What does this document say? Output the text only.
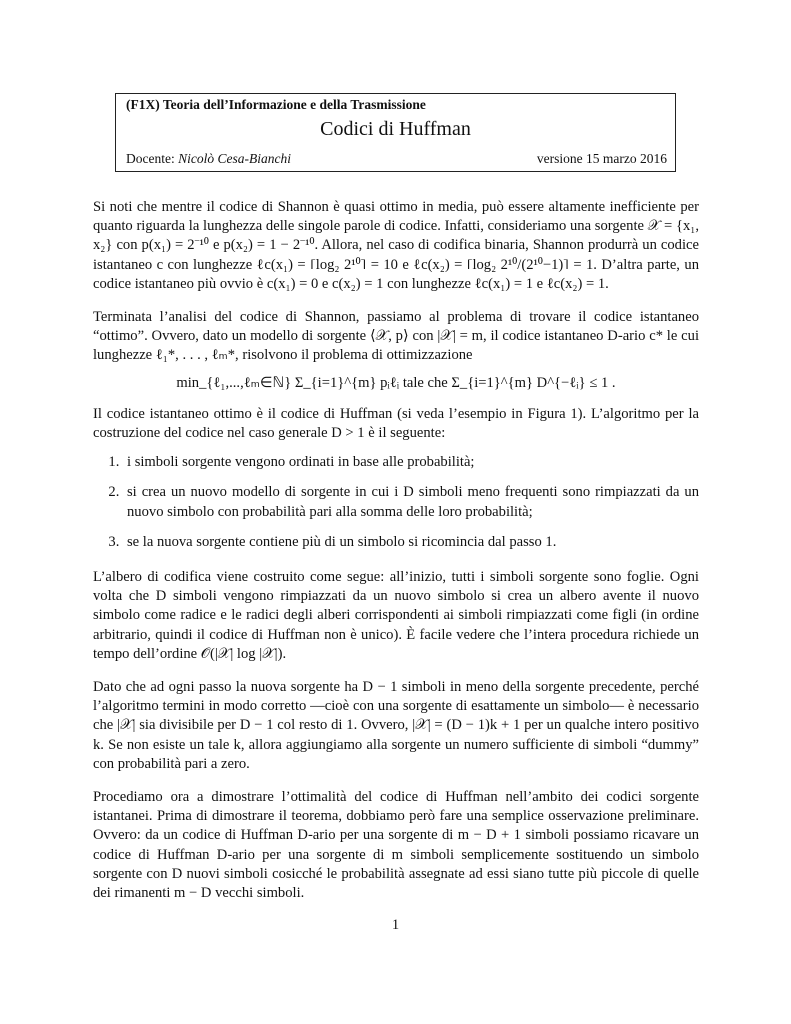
(F1X) Teoria dell’Informazione e della Trasmissione
Codici di Huffman
Docente: Nicolò Cesa-Bianchi	versione 15 marzo 2016

Si noti che mentre il codice di Shannon è quasi ottimo in media, può essere altamente inefficiente per quanto riguarda la lunghezza delle singole parole di codice. Infatti, consideriamo una sorgente 𝒳 = {x₁, x₂} con p(x₁) = 2⁻¹⁰ e p(x₂) = 1 − 2⁻¹⁰. Allora, nel caso di codifica binaria, Shannon produrrà un codice istantaneo c con lunghezze ℓc(x₁) = ⌈log₂ 2¹⁰⌉ = 10 e ℓc(x₂) = ⌈log₂ 2¹⁰/(2¹⁰−1)⌉ = 1. D’altra parte, un codice istantaneo più ovvio è c(x₁) = 0 e c(x₂) = 1 con lunghezze ℓc(x₁) = 1 e ℓc(x₂) = 1.

Terminata l’analisi del codice di Shannon, passiamo al problema di trovare il codice istantaneo “ottimo”. Ovvero, dato un modello di sorgente ⟨𝒳, p⟩ con |𝒳| = m, il codice istantaneo D-ario c* le cui lunghezze ℓ₁*, . . . , ℓₘ*, risolvono il problema di ottimizzazione

min_{ℓ₁,...,ℓₘ∈ℕ} Σ_{i=1}^{m} pᵢℓᵢ tale che Σ_{i=1}^{m} D^{−ℓᵢ} ≤ 1 .

Il codice istantaneo ottimo è il codice di Huffman (si veda l’esempio in Figura 1). L’algoritmo per la costruzione del codice nel caso generale D > 1 è il seguente:

1. i simboli sorgente vengono ordinati in base alle probabilità;
2. si crea un nuovo modello di sorgente in cui i D simboli meno frequenti sono rimpiazzati da un nuovo simbolo con probabilità pari alla somma delle loro probabilità;
3. se la nuova sorgente contiene più di un simbolo si ricomincia dal passo 1.

L’albero di codifica viene costruito come segue: all’inizio, tutti i simboli sorgente sono foglie. Ogni volta che D simboli vengono rimpiazzati da un nuovo simbolo si crea un albero avente il nuovo simbolo come radice e le radici degli alberi corrispondenti ai simboli rimpiazzati come figli (in ordine arbitrario, quindi il codice di Huffman non è unico). È facile vedere che l’intera procedura richiede un tempo dell’ordine 𝒪(|𝒳| log |𝒳|).

Dato che ad ogni passo la nuova sorgente ha D − 1 simboli in meno della sorgente precedente, perché l’algoritmo termini in modo corretto —cioè con una sorgente di esattamente un simbolo— è necessario che |𝒳| sia divisibile per D − 1 col resto di 1. Ovvero, |𝒳| = (D − 1)k + 1 per un qualche intero positivo k. Se non esiste un tale k, allora aggiungiamo alla sorgente un numero sufficiente di simboli “dummy” con probabilità pari a zero.

Procediamo ora a dimostrare l’ottimalità del codice di Huffman nell’ambito dei codici sorgente istantanei. Prima di dimostrare il teorema, dobbiamo però fare una semplice osservazione preliminare. Ovvero: da un codice di Huffman D-ario per una sorgente di m − D + 1 simboli possiamo ricavare un codice di Huffman D-ario per una sorgente di m simboli semplicemente sostituendo un simbolo sorgente con D nuovi simboli cosicché le probabilità assegnate ad essi siano tutte più piccole di quelle dei rimanenti m − D vecchi simboli.

1
